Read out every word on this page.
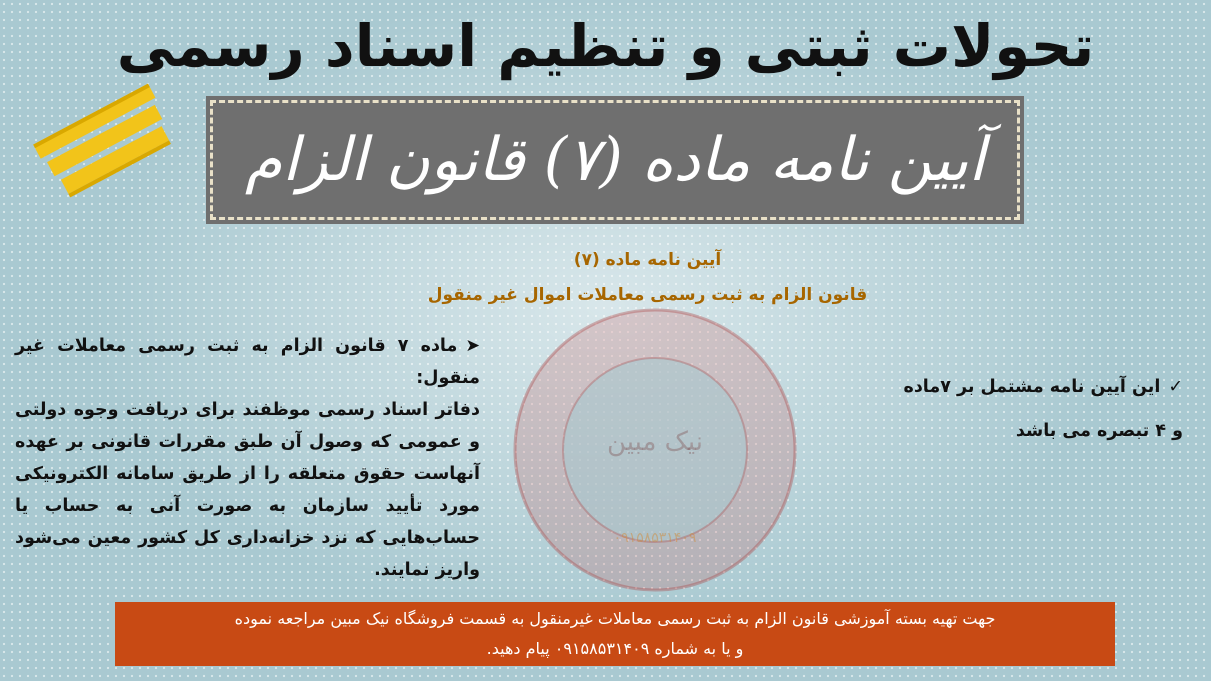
تحولات ثبتی و تنظیم اسناد رسمی
آیین نامه ماده (۷) قانون الزام
آیین نامه ماده (۷)
قانون الزام به ثبت رسمی معاملات اموال غیر منقول
نیک مبین
۰۹۱۵۸۵۳۱۴۰۹
➤ماده ۷ قانون الزام به ثبت رسمی معاملات غیر منقول:
دفاتر اسناد رسمی موظفند برای دریافت وجوه دولتی و عمومی که وصول آن طبق مقررات قانونی بر عهده آنهاست حقوق متعلقه را از طریق سامانه الکترونیکی مورد تأیید سازمان به صورت آنی به حساب یا حساب‌هایی که نزد خزانه‌داری کل کشور معین می‌شود واریز نمایند.
✓این آیین نامه مشتمل بر ۷ماده
و ۴ تبصره می باشد
جهت تهیه بسته آموزشی قانون الزام به ثبت رسمی معاملات غیرمنقول به قسمت فروشگاه نیک مبین مراجعه نموده
و یا به شماره ۰۹۱۵۸۵۳۱۴۰۹ پیام دهید.
